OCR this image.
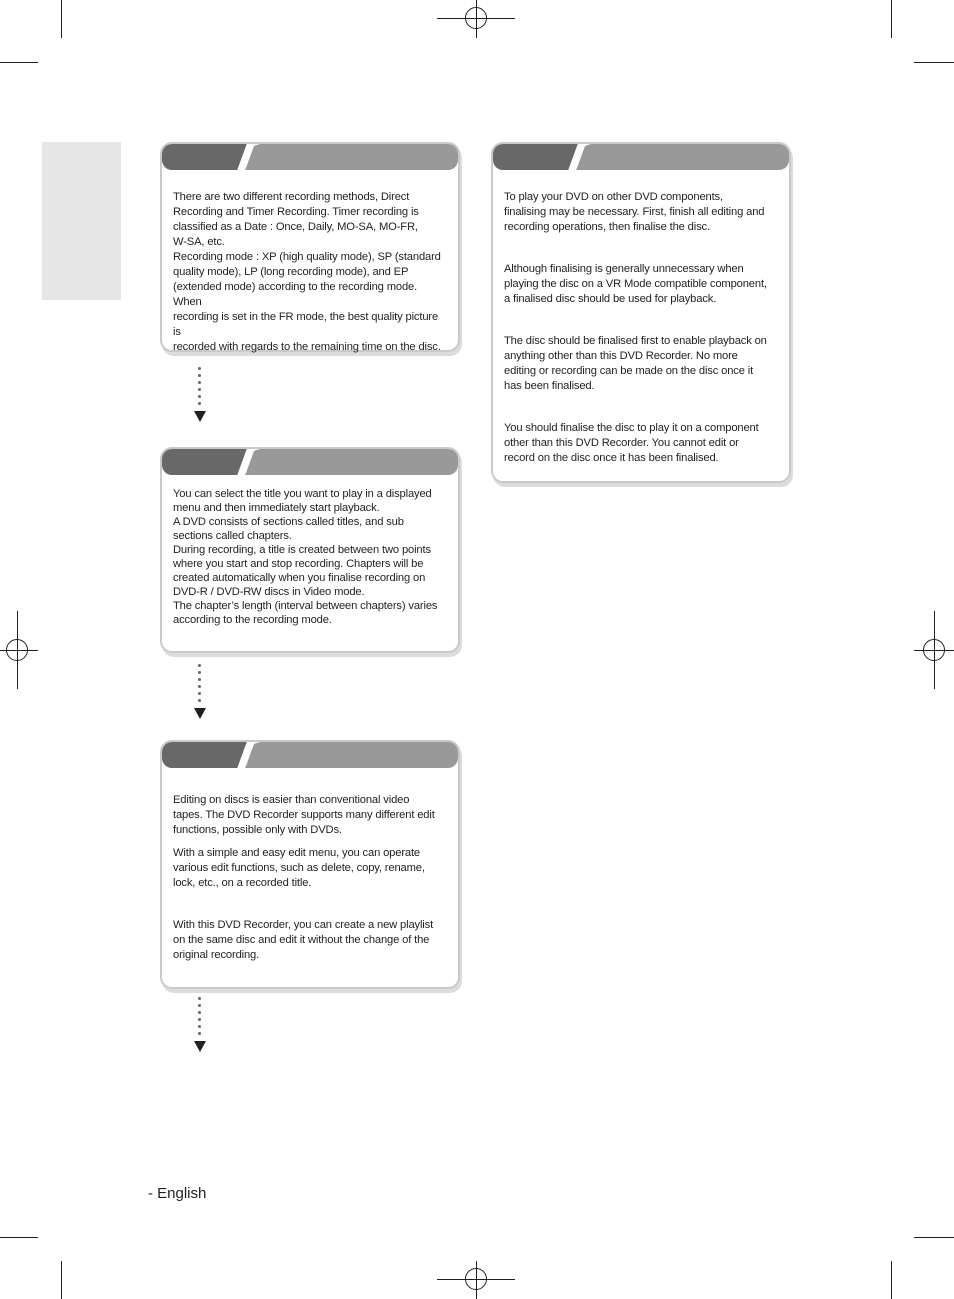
There are two different recording methods, Direct

Recording and Timer Recording. Timer recording is

classified as a Date : Once, Daily, MO-SA, MO-FR,

W-SA, etc.

Recording mode : XP (high quality mode), SP (standard

quality mode), LP (long recording mode), and EP

(extended mode) according to the recording mode. When

recording is set in the FR mode, the best quality picture is

recorded with regards to the remaining time on the disc.

You can select the title you want to play in a displayed

menu and then immediately start playback.

A DVD consists of sections called titles, and sub

sections called chapters.

During recording, a title is created between two points

where you start and stop recording. Chapters will be

created automatically when you finalise recording on

DVD-R / DVD-RW discs in Video mode.

The chapter’s length (interval between chapters) varies

according to the recording mode.

Editing on discs is easier than conventional video

tapes. The DVD Recorder supports many different edit

functions, possible only with DVDs.

With a simple and easy edit menu, you can operate

various edit functions, such as delete, copy, rename,

lock, etc., on a recorded title.

With this DVD Recorder, you can create a new playlist

on the same disc and edit it without the change of the

original recording.

To play your DVD on other DVD components,

finalising may be necessary. First, finish all editing and

recording operations, then finalise the disc.

Although finalising is generally unnecessary when

playing the disc on a VR Mode compatible component,

a finalised disc should be used for playback.

The disc should be finalised first to enable playback on

anything other than this DVD Recorder. No more

editing or recording can be made on the disc once it

has been finalised.

You should finalise the disc to play it on a component

other than this DVD Recorder. You cannot edit or

record on the disc once it has been finalised.

- English
